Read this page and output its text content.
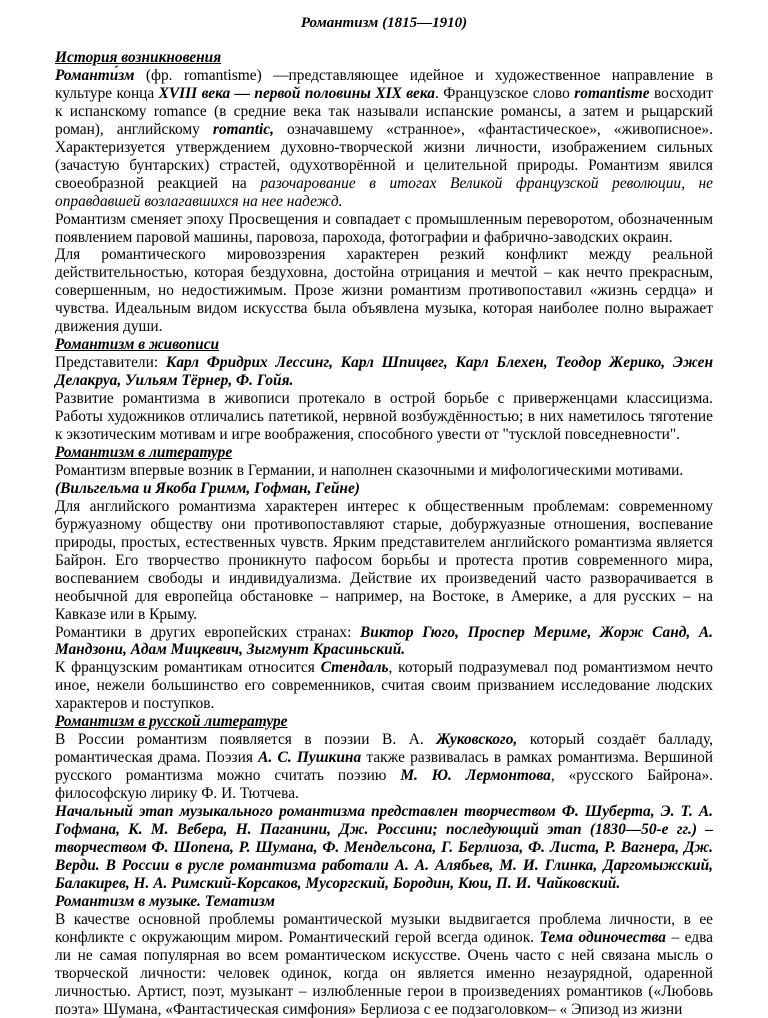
Романтизм (1815—1910)
История возникновения

Романти́зм (фр. romantisme) —представляющее идейное и художественное направление в культуре конца XVIII века — первой половины XIX века. Французское слово romantisme восходит к испанскому romance (в средние века так называли испанские романсы, а затем и рыцарский роман), английскому romantic, означавшему «странное», «фантастическое», «живописное». Характеризуется утверждением духовно-творческой жизни личности, изображением сильных (зачастую бунтарских) страстей, одухотворённой и целительной природы. Романтизм явился своеобразной реакцией на разочарование в итогах Великой французской революции, не оправдавшей возлагавшихся на нее надежд.

Романтизм сменяет эпоху Просвещения и совпадает с промышленным переворотом, обозначенным появлением паровой машины, паровоза, парохода, фотографии и фабрично-заводских окраин.

Для романтического мировоззрения характерен резкий конфликт между реальной действительностью, которая бездуховна, достойна отрицания и мечтой – как нечто прекрасным, совершенным, но недостижимым. Прозе жизни романтизм противопоставил «жизнь сердца» и чувства. Идеальным видом искусства была объявлена музыка, которая наиболее полно выражает движения души.

Романтизм в живописи

Представители: Карл Фридрих Лессинг, Карл Шпицвег, Карл Блехен, Теодор Жерико, Эжен Делакруа, Уильям Тёрнер, Ф. Гойя.

Развитие романтизма в живописи протекало в острой борьбе с приверженцами классицизма. Работы художников отличались патетикой, нервной возбуждённостью; в них наметилось тяготение к экзотическим мотивам и игре воображения, способного увести от "тусклой повседневности".

Романтизм в литературе

Романтизм впервые возник в Германии, и наполнен сказочными и мифологическими мотивами.
(Вильгельма и Якоба Гримм, Гофман, Гейне)

Для английского романтизма характерен интерес к общественным проблемам: современному буржуазному обществу они противопоставляют старые, добуржуазные отношения, воспевание природы, простых, естественных чувств. Ярким представителем английского романтизма является Байрон. Его творчество проникнуто пафосом борьбы и протеста против современного мира, воспеванием свободы и индивидуализма. Действие их произведений часто разворачивается в необычной для европейца обстановке – например, на Востоке, в Америке, а для русских – на Кавказе или в Крыму.

Романтики в других европейских странах: Виктор Гюго, Проспер Мериме, Жорж Санд, А. Мандзони, Адам Мицкевич, Зыгмунт Красиньский.

К французским романтикам относится Стендаль, который подразумевал под романтизмом нечто иное, нежели большинство его современников, считая своим призванием исследование людских характеров и поступков.

Романтизм в русской литературе

В России романтизм появляется в поэзии В. А. Жуковского, который создаёт балладу, романтическая драма. Поэзия А. С. Пушкина также развивалась в рамках романтизма. Вершиной русского романтизма можно считать поэзию М. Ю. Лермонтова, «русского Байрона». философскую лирику Ф. И. Тютчева.

Начальный этап музыкального романтизма представлен творчеством Ф. Шуберта, Э. Т. А. Гофмана, К. М. Вебера, Н. Паганини, Дж. Россини; последующий этап (1830—50-е гг.) – творчеством Ф. Шопена, Р. Шумана, Ф. Мендельсона, Г. Берлиоза, Ф. Листа, Р. Вагнера, Дж. Верди. В России в русле романтизма работали А. А. Алябьев, М. И. Глинка, Даргомыжский, Балакирев, Н. А. Римский-Корсаков, Мусоргский, Бородин, Кюи, П. И. Чайковский.

Романтизм в музыке. Тематизм

В качестве основной проблемы романтической музыки выдвигается проблема личности, в ее конфликте с окружающим миром. Романтический герой всегда одинок. Тема одиночества – едва ли не самая популярная во всем романтическом искусстве. Очень часто с ней связана мысль о творческой личности: человек одинок, когда он является именно незаурядной, одаренной личностью. Артист, поэт, музыкант – излюбленные герои в произведениях романтиков («Любовь поэта» Шумана, «Фантастическая симфония» Берлиоза с ее подзаголовком– « Эпизод из жизни
